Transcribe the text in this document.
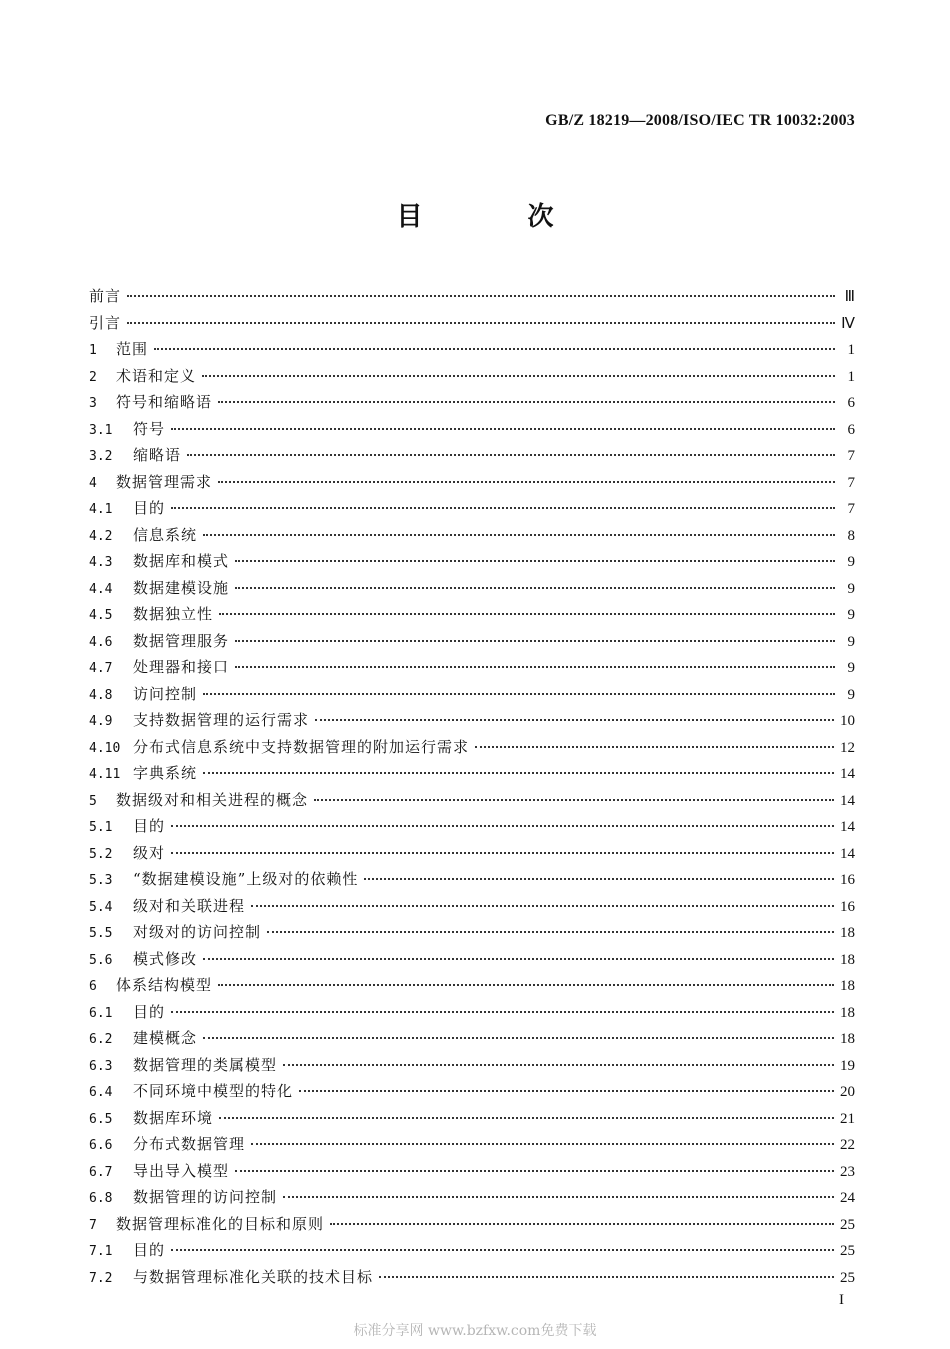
GB/Z 18219—2008/ISO/IEC TR 10032:2003
目 次
前言	Ⅲ
引言	Ⅳ
1 范围	1
2 术语和定义	1
3 符号和缩略语	6
3.1 符号	6
3.2 缩略语	7
4 数据管理需求	7
4.1 目的	7
4.2 信息系统	8
4.3 数据库和模式	9
4.4 数据建模设施	9
4.5 数据独立性	9
4.6 数据管理服务	9
4.7 处理器和接口	9
4.8 访问控制	9
4.9 支持数据管理的运行需求	10
4.10 分布式信息系统中支持数据管理的附加运行需求	12
4.11 字典系统	14
5 数据级对和相关进程的概念	14
5.1 目的	14
5.2 级对	14
5.3 “数据建模设施”上级对的依赖性	16
5.4 级对和关联进程	16
5.5 对级对的访问控制	18
5.6 模式修改	18
6 体系结构模型	18
6.1 目的	18
6.2 建模概念	18
6.3 数据管理的类属模型	19
6.4 不同环境中模型的特化	20
6.5 数据库环境	21
6.6 分布式数据管理	22
6.7 导出导入模型	23
6.8 数据管理的访问控制	24
7 数据管理标准化的目标和原则	25
7.1 目的	25
7.2 与数据管理标准化关联的技术目标	25
I
标准分享网 www.bzfxw.com免费下载
